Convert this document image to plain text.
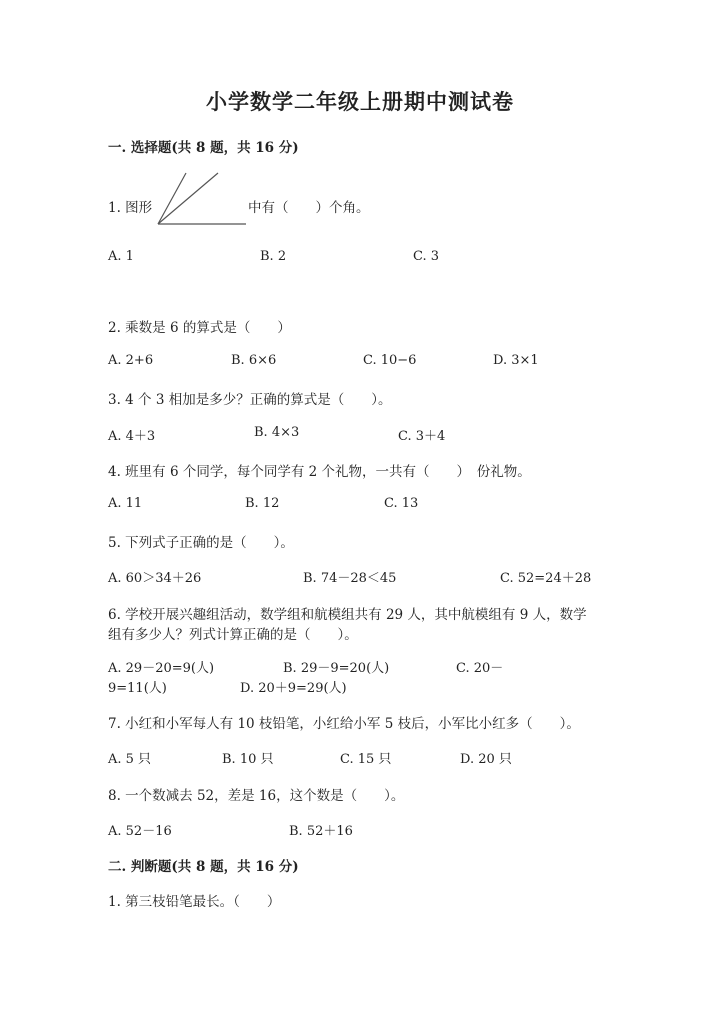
小学数学二年级上册期中测试卷
一. 选择题(共 8 题，共 16 分)
1. 图形	中有（　　）个角。
A. 1	B. 2	C. 3
2. 乘数是 6 的算式是（　　）
A. 2+6	B. 6×6	C. 10−6	D. 3×1
3. 4 个 3 相加是多少？正确的算式是（　　）。
A. 4＋3	B. 4×3	C. 3＋4
4. 班里有 6 个同学，每个同学有 2 个礼物，一共有（　　）　份礼物。
A. 11	B. 12	C. 13
5. 下列式子正确的是（　　）。
A. 60＞34＋26	B. 74－28＜45	C. 52=24＋28
6. 学校开展兴趣组活动，数学组和航模组共有 29 人，其中航模组有 9 人，数学
组有多少人？列式计算正确的是（　　）。
A. 29－20=9(人)	B. 29－9=20(人)	C. 20－
9=11(人)	D. 20＋9=29(人)
7. 小红和小军每人有 10 枝铅笔，小红给小军 5 枝后，小军比小红多（　　）。
A. 5 只	B. 10 只	C. 15 只	D. 20 只
8. 一个数减去 52，差是 16，这个数是（　　）。
A. 52－16	B. 52＋16
二. 判断题(共 8 题，共 16 分)
1. 第三枝铅笔最长。（　　）
